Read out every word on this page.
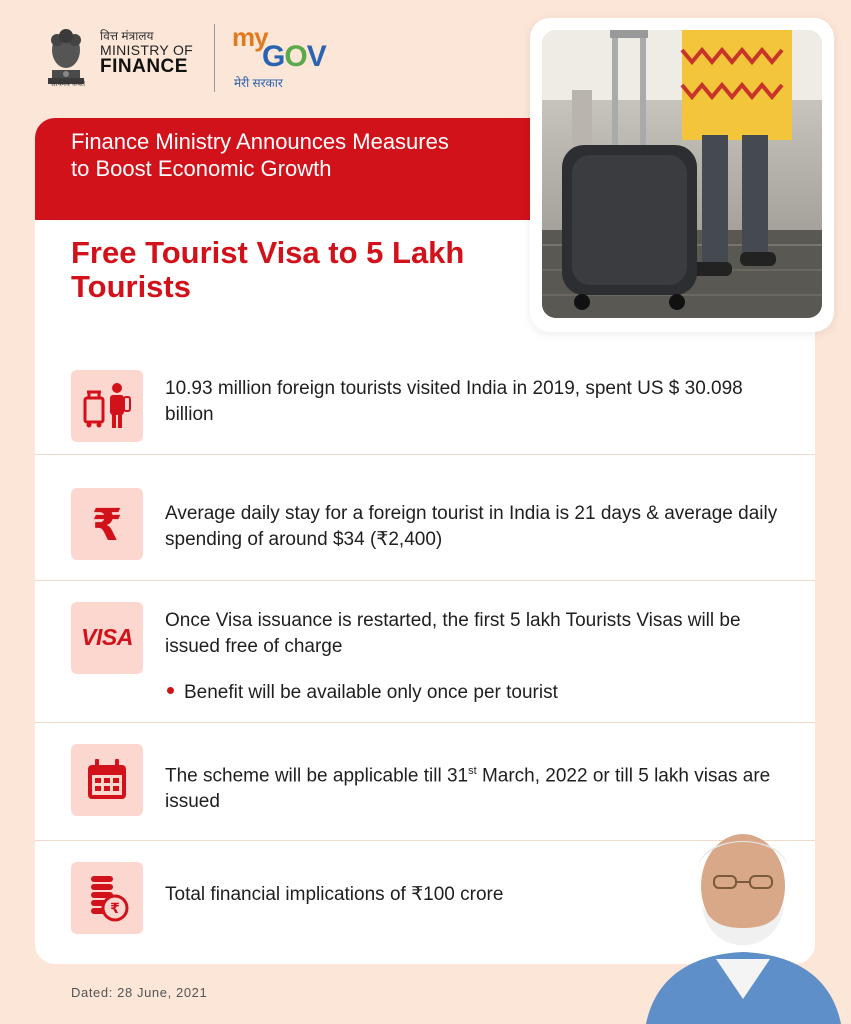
सत्यमेव जयते
वित्त मंत्रालय
MINISTRY OF
FINANCE
my
GOV
मेरी सरकार
Finance Ministry Announces Measures to Boost Economic Growth
Free Tourist Visa to 5 Lakh Tourists
10.93 million foreign tourists visited India in 2019, spent US $ 30.098 billion
₹ Average daily stay for a foreign tourist in India is 21 days & average daily spending of around $34 (₹2,400)
VISA
Once Visa issuance is restarted, the first 5 lakh Tourists Visas will be issued free of charge
Benefit will be available only once per tourist
The scheme will be applicable till 31st March, 2022 or till 5 lakh visas are issued
₹
Total financial implications of ₹100 crore
Dated: 28 June, 2021
